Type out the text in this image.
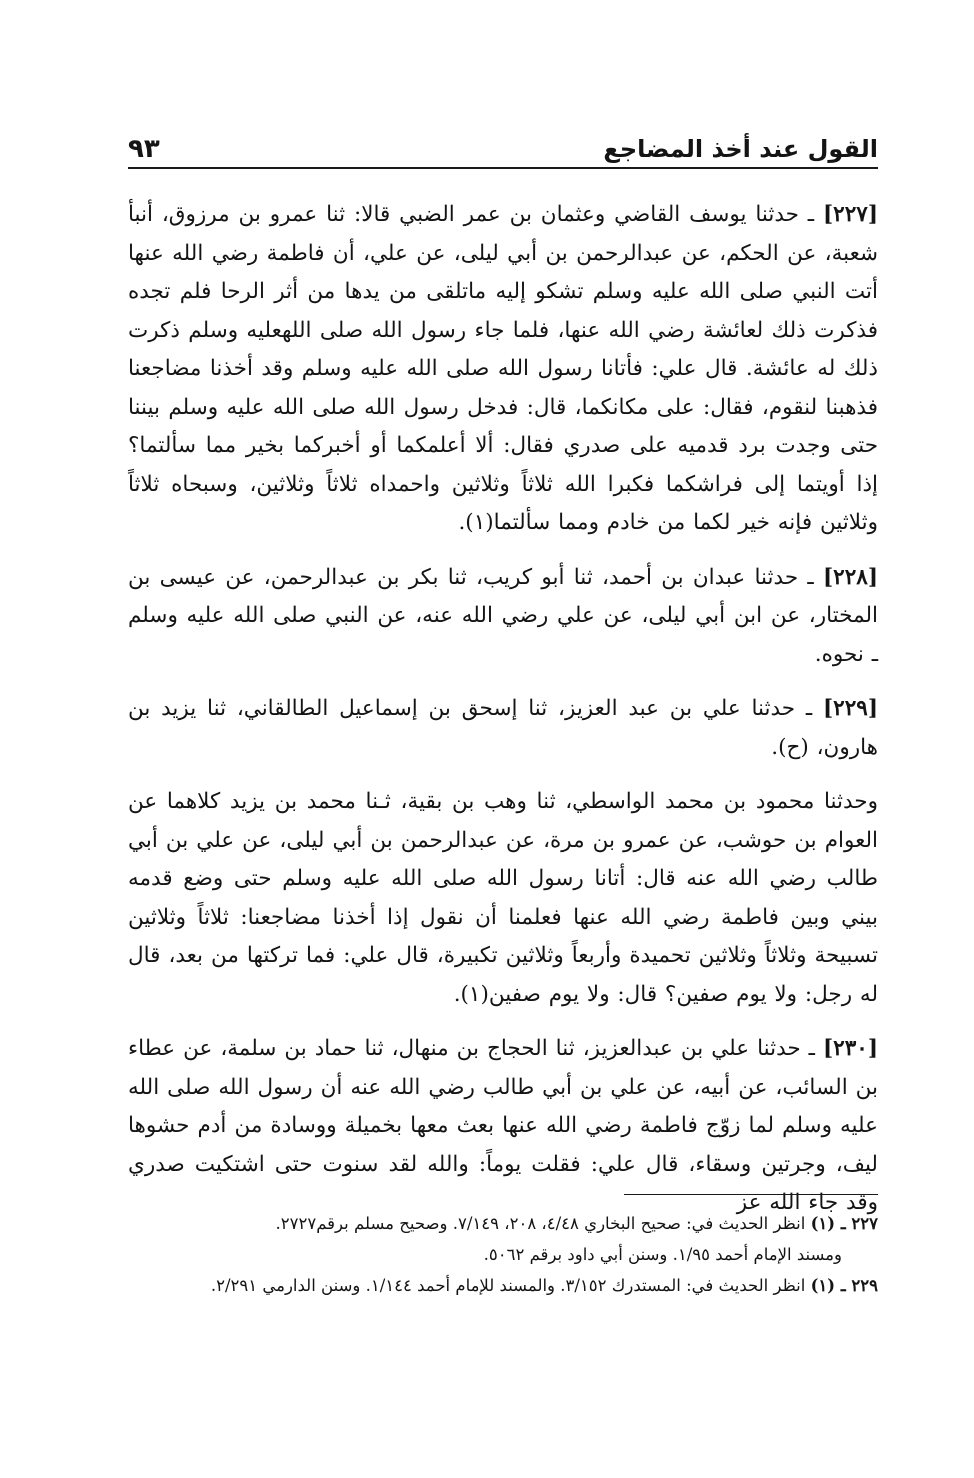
القول عند أخذ المضاجع
٩٣

[٢٢٧] ـ حدثنا يوسف القاضي وعثمان بن عمر الضبي قالا: ثنا عمرو بن مرزوق، أنبأ شعبة، عن الحكم، عن عبدالرحمن بن أبي ليلى، عن علي، أن فاطمة رضي الله عنها أتت النبي صلى الله عليه وسلم تشكو إليه ماتلقى من يدها من أثر الرحا فلم تجده فذكرت ذلك لعائشة رضي الله عنها، فلما جاء رسول الله صلى اللهعليه وسلم ذكرت ذلك له عائشة. قال علي: فأتانا رسول الله صلى الله عليه وسلم وقد أخذنا مضاجعنا فذهبنا لنقوم، فقال: على مكانكما، قال: فدخل رسول الله صلى الله عليه وسلم بيننا حتى وجدت برد قدميه على صدري فقال: ألا أعلمكما أو أخبركما بخير مما سألتما؟ إذا أويتما إلى فراشكما فكبرا الله ثلاثاً وثلاثين واحمداه ثلاثاً وثلاثين، وسبحاه ثلاثاً وثلاثين فإنه خير لكما من خادم ومما سألتما(١).

[٢٢٨] ـ حدثنا عبدان بن أحمد، ثنا أبو كريب، ثنا بكر بن عبدالرحمن، عن عيسى بن المختار، عن ابن أبي ليلى، عن علي رضي الله عنه، عن النبي صلى الله عليه وسلم ـ نحوه.

[٢٢٩] ـ حدثنا علي بن عبد العزيز، ثنا إسحق بن إسماعيل الطالقاني، ثنا يزيد بن هارون، (ح).

وحدثنا محمود بن محمد الواسطي، ثنا وهب بن بقية، ثـنا محمد بن يزيد كلاهما عن العوام بن حوشب، عن عمرو بن مرة، عن عبدالرحمن بن أبي ليلى، عن علي بن أبي طالب رضي الله عنه قال: أتانا رسول الله صلى الله عليه وسلم حتى وضع قدمه بيني وبين فاطمة رضي الله عنها فعلمنا أن نقول إذا أخذنا مضاجعنا: ثلاثاً وثلاثين تسبيحة وثلاثاً وثلاثين تحميدة وأربعاً وثلاثين تكبيرة، قال علي: فما تركتها من بعد، قال له رجل: ولا يوم صفين؟ قال: ولا يوم صفين(١).

[٢٣٠] ـ حدثنا علي بن عبدالعزيز، ثنا الحجاج بن منهال، ثنا حماد بن سلمة، عن عطاء بن السائب، عن أبيه، عن علي بن أبي طالب رضي الله عنه أن رسول الله صلى الله عليه وسلم لما زوّج فاطمة رضي الله عنها بعث معها بخميلة ووسادة من أدم حشوها ليف، وجرتين وسقاء، قال علي: فقلت يوماً: والله لقد سنوت حتى اشتكيت صدري وقد جاء الله عز

٢٢٧ ـ (١) انظر الحديث في: صحيح البخاري ٤/٤٨، ٢٠٨، ٧/١٤٩. وصحيح مسلم برقم٢٧٢٧.

ومسند الإمام أحمد ١/٩٥. وسنن أبي داود برقم ٥٠٦٢.

٢٢٩ ـ (١) انظر الحديث في: المستدرك ٣/١٥٢. والمسند للإمام أحمد ١/١٤٤. وسنن الدارمي ٢/٢٩١.
